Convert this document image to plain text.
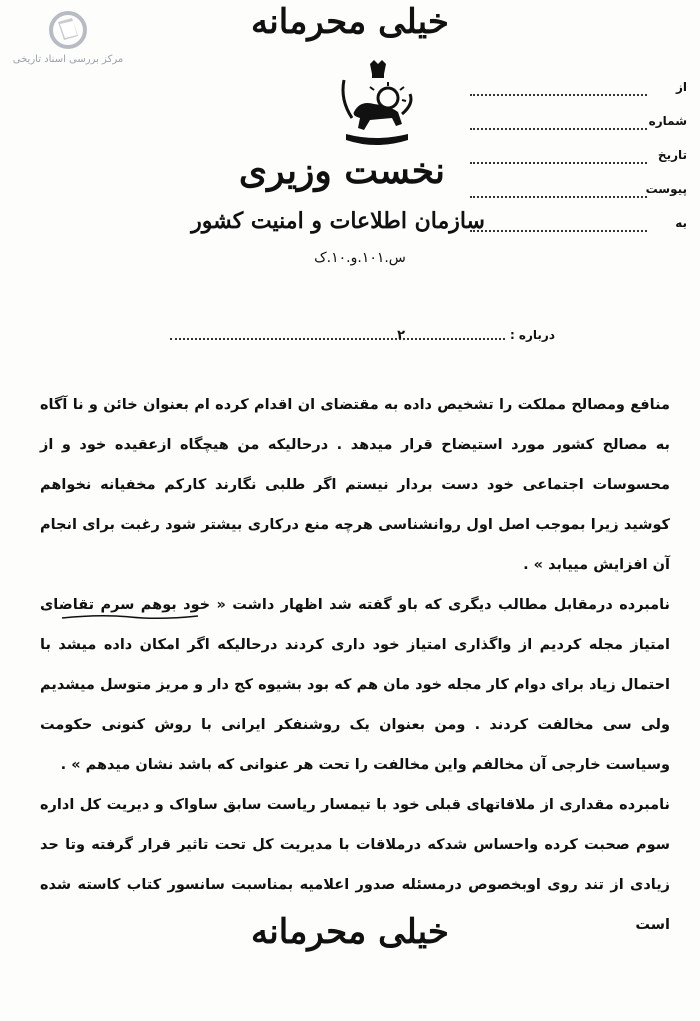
مرکز بررسی اسناد تاریخی
خیلی محرمانه
نخست وزیری
سازمان اطلاعات و امنیت کشور
س.۱۰۱.و.۱۰.ک
از
شماره
تاریخ
پیوست
به
درباره :
۲

منافع ومصالح مملکت را تشخیص داده به مقتضای ان اقدام کرده ام بعنوان خائن و نا آگاه به مصالح کشور مورد استیضاح قرار میدهد . درحالیکه من هیچگاه ازعقیده خود و از محسوسات اجتماعی خود دست بردار نیستم اگر طلبی نگارند کارکم مخفیانه نخواهم کوشید زیرا بموجب اصل اول روانشناسی هرچه منع درکاری بیشتر شود رغبت برای انجام آن افزایش مییابد » .

نامبرده درمقابل مطالب دیگری که باو گفته شد اظهار داشت « خود بوهم سرم تقاضای امتیاز مجله کردیم از واگذاری امتیاز خود داری کردند درحالیکه اگر امکان داده میشد با احتمال زیاد برای دوام کار مجله خود مان هم که بود بشیوه کج دار و مریز متوسل میشدیم ولی سی مخالفت کردند . ومن بعنوان یک روشنفکر ایرانی با روش کنونی حکومت وسیاست خارجی آن مخالفم واین مخالفت را تحت هر عنوانی که باشد نشان میدهم » .

نامبرده مقداری از ملاقاتهای قبلی خود با تیمسار ریاست سابق ساواک و دیریت کل اداره سوم صحبت کرده واحساس شدکه درملاقات با مدیریت کل تحت تاثیر قرار گرفته وتا حد زیادی از تند روی اوبخصوص درمسئله صدور اعلامیه بمناسبت سانسور کتاب کاسته شده است

خیلی محرمانه
